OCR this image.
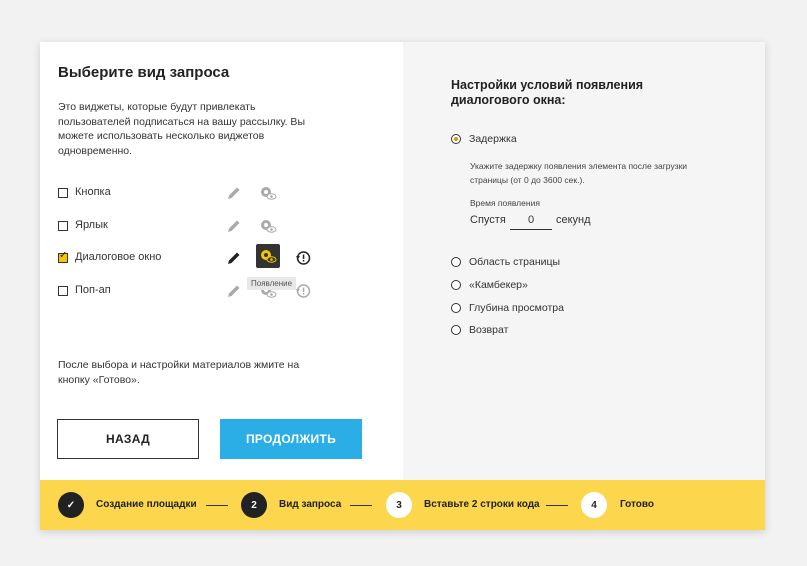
Выберите вид запроса
Это виджеты, которые будут привлекать пользователей подписаться на вашу рассылку. Вы можете использовать несколько виджетов одновременно.
Кнопка
Ярлык
✓
Диалоговое окно
Поп-ап
Появление
После выбора и настройки материалов жмите на кнопку «Готово».
НАЗАД	ПРОДОЛЖИТЬ
Настройки условий появления диалогового окна:
Задержка
Укажите задержку появления элемента после загрузки страницы (от 0 до 3600 сек.).
Время появления
Спустя
0	секунд
Область страницы
«Камбекер»
Глубина просмотра
Возврат
✓	Создание площадки	2	Вид запроса	3	Вставьте 2 строки кода	4	Готово
